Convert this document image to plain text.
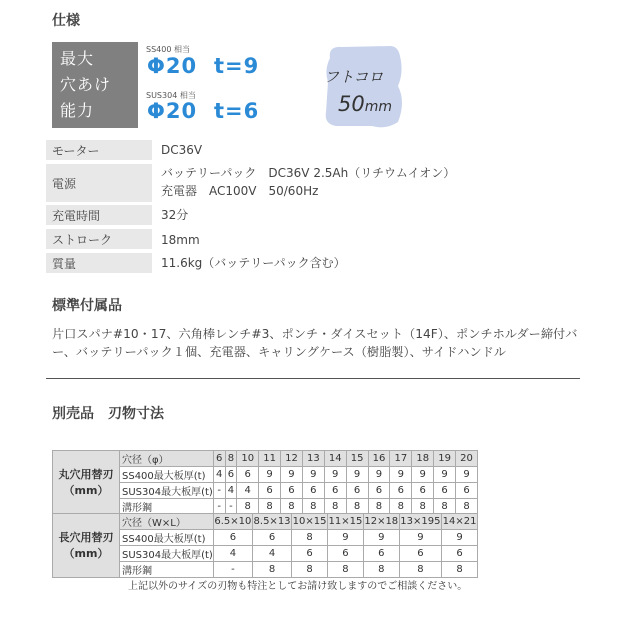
仕様
最大
穴あけ
能力
SS400 相当
Φ20 t=9
SUS304 相当
Φ20 t=6
フトコロ
50mm
モーター	DC36V
電源
バッテリーパック　DC36V 2.5Ah（リチウムイオン）
充電器　AC100V　50/60Hz
充電時間	32分
ストローク	18mm
質量	11.6kg（バッテリーパック含む）
標準付属品
片口スパナ#10・17、六角棒レンチ#3、ポンチ・ダイスセット（14F）、ポンチホルダー締付バー、バッテリーパック１個、充電器、キャリングケース（樹脂製）、サイドハンドル
別売品　刃物寸法
丸穴用替刃
（mm）	穴径（φ）	6	8	10	11	12	13	14	15	16	17	18	19	20
	SS400最大板厚(t)	4	6	6	9	9	9	9	9	9	9	9	9	9
	SUS304最大板厚(t)	-	4	4	6	6	6	6	6	6	6	6	6	6
	溝形鋼	-	-	8	8	8	8	8	8	8	8	8	8	8
長穴用替刃
（mm）	穴径（W×L）	6.5×10	8.5×13	10×15	11×15	12×18	13×195	14×21
	SS400最大板厚(t)	6	6	8	9	9	9	9
	SUS304最大板厚(t)	4	4	6	6	6	6	6
	溝形鋼	-	8	8	8	8	8	8
上記以外のサイズの刃物も特注としてお請け致しますのでご相談ください。
